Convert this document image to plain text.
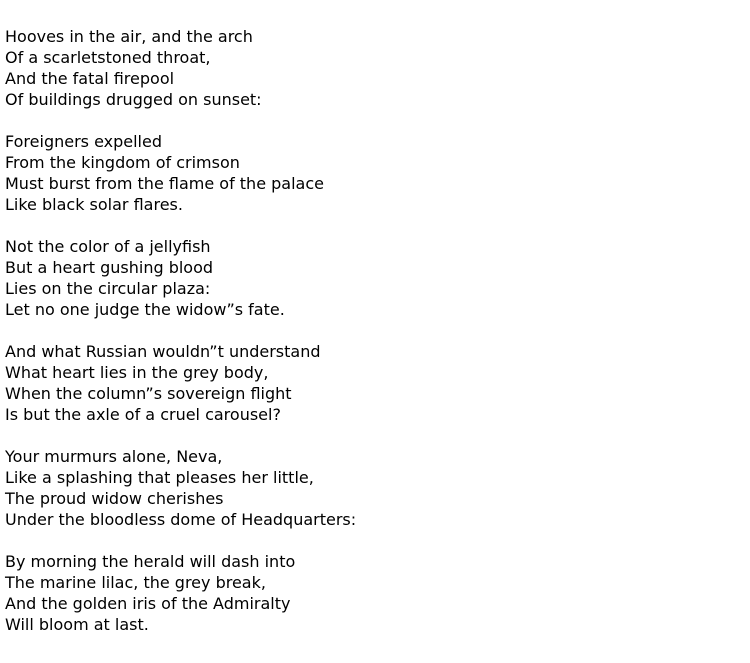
Hooves in the air, and the arch
Of a scarletstoned throat,
And the fatal firepool
Of buildings drugged on sunset:
Foreigners expelled
From the kingdom of crimson
Must burst from the flame of the palace
Like black solar flares.
Not the color of a jellyfish
But a heart gushing blood
Lies on the circular plaza:
Let no one judge the widow”s fate.
And what Russian wouldn”t understand
What heart lies in the grey body,
When the column”s sovereign flight
Is but the axle of a cruel carousel?
Your murmurs alone, Neva,
Like a splashing that pleases her little,
The proud widow cherishes
Under the bloodless dome of Headquarters:
By morning the herald will dash into
The marine lilac, the grey break,
And the golden iris of the Admiralty
Will bloom at last.
